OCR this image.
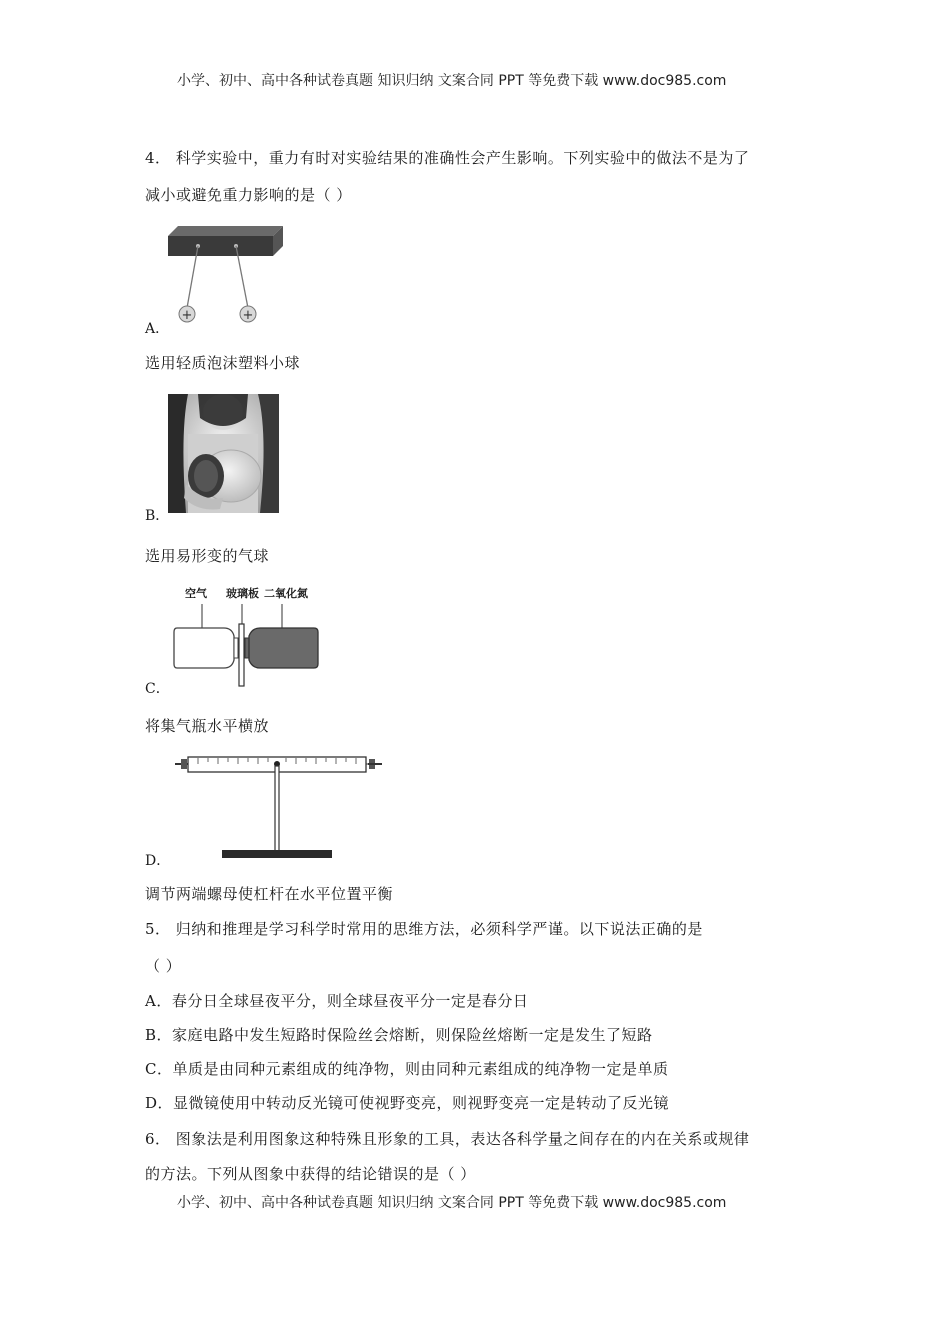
小学、初中、高中各种试卷真题 知识归纳 文案合同 PPT 等免费下载 www.doc985.com
4． 科学实验中，重力有时对实验结果的准确性会产生影响。下列实验中的做法不是为了
减小或避免重力影响的是（ ）
+	+
A．
选用轻质泡沫塑料小球
B．
选用易形变的气球
空气 玻璃板 二氧化氮
C．
将集气瓶水平横放
D．
调节两端螺母使杠杆在水平位置平衡
5． 归纳和推理是学习科学时常用的思维方法，必须科学严谨。以下说法正确的是
（ ）
A．春分日全球昼夜平分，则全球昼夜平分一定是春分日
B．家庭电路中发生短路时保险丝会熔断，则保险丝熔断一定是发生了短路
C．单质是由同种元素组成的纯净物，则由同种元素组成的纯净物一定是单质
D．显微镜使用中转动反光镜可使视野变亮，则视野变亮一定是转动了反光镜
6． 图象法是利用图象这种特殊且形象的工具，表达各科学量之间存在的内在关系或规律
的方法。下列从图象中获得的结论错误的是（ ）
小学、初中、高中各种试卷真题 知识归纳 文案合同 PPT 等免费下载 www.doc985.com
